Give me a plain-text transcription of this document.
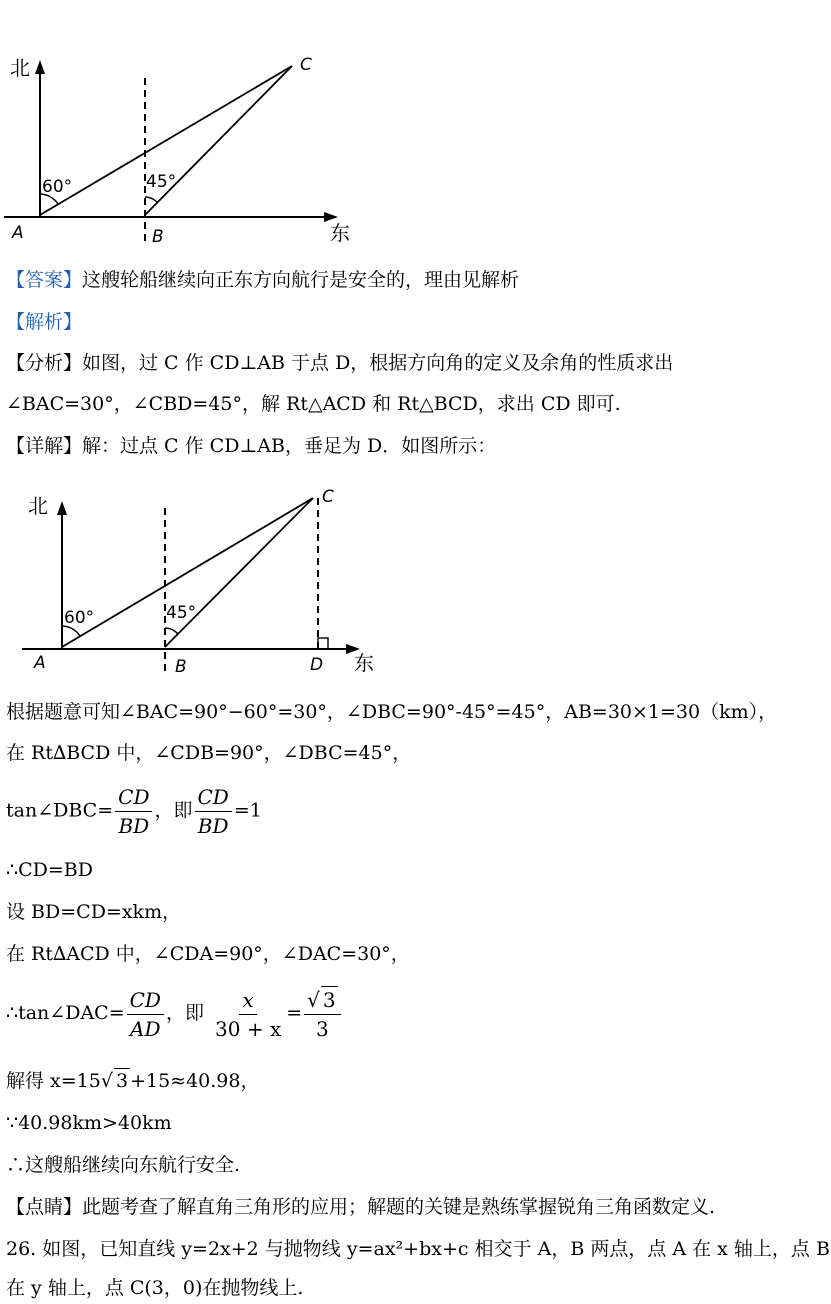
北
东
60°	45°
A	B
C
【答案】这艘轮船继续向正东方向航行是安全的，理由见解析
【解析】
【分析】如图，过 C 作 CD⊥AB 于点 D，根据方向角的定义及余角的性质求出
∠BAC=30°，∠CBD=45°，解 Rt△ACD 和 Rt△BCD，求出 CD 即可.
【详解】解：过点 C 作 CD⊥AB，垂足为 D．如图所示：
北
东
60°	45°
A	B
C
D
根据题意可知∠BAC=90°−60°=30°，∠DBC=90°-45°=45°，AB=30×1=30（km），
在 Rt∆BCD 中，∠CDB=90°，∠DBC=45°，
tan∠DBC= $\frac{CD}{BD}$ ，即 $\frac{CD}{BD} =1$
∴CD=BD
设 BD=CD=xkm，
在 Rt∆ACD 中，∠CDA=90°，∠DAC=30°，
∴tan∠DAC= $\frac{CD}{AD}$ ，即 $\frac{x}{30 + x} = \frac{√ 3}{3}$
解得 x=15√ 3 +15≈40.98，
∵40.98km>40km
∴这艘船继续向东航行安全.
【点睛】此题考查了解直角三角形的应用；解题的关键是熟练掌握锐角三角函数定义.
26. 如图，已知直线 y=2x+2 与抛物线 y=ax²+bx+c 相交于 A，B 两点，点 A 在 x 轴上，点 B
在 y 轴上，点 C(3，0)在抛物线上.
